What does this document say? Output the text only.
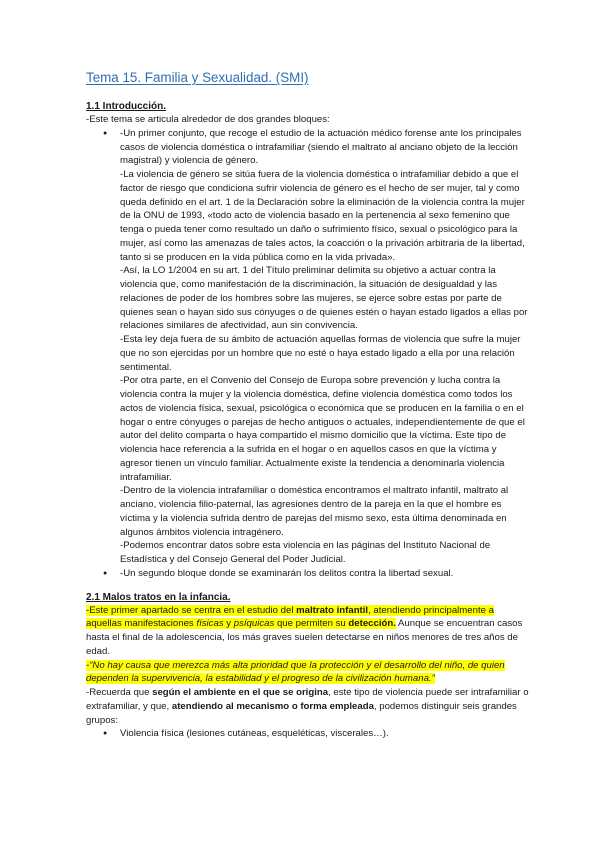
Tema 15. Familia y Sexualidad. (SMI)
1.1 Introducción.

-Este tema se articula alrededor de dos grandes bloques:

● -Un primer conjunto, que recoge el estudio de la actuación médico forense ante los principales casos de violencia doméstica o intrafamiliar (siendo el maltrato al anciano objeto de la lección magistral) y violencia de género.

-La violencia de género se sitúa fuera de la violencia doméstica o intrafamiliar debido a que el factor de riesgo que condiciona sufrir violencia de género es el hecho de ser mujer, tal y como queda definido en el art. 1 de la Declaración sobre la eliminación de la violencia contra la mujer de la ONU de 1993, «todo acto de violencia basado en la pertenencia al sexo femenino que tenga o pueda tener como resultado un daño o sufrimiento físico, sexual o psicológico para la mujer, así como las amenazas de tales actos, la coacción o la privación arbitraria de la libertad, tanto si se producen en la vida pública como en la vida privada».

-Así, la LO 1/2004 en su art. 1 del Título preliminar delimita su objetivo a actuar contra la violencia que, como manifestación de la discriminación, la situación de desigualdad y las relaciones de poder de los hombres sobre las mujeres, se ejerce sobre estas por parte de quienes sean o hayan sido sus cónyuges o de quienes estén o hayan estado ligados a ellas por relaciones similares de afectividad, aun sin convivencia.

-Esta ley deja fuera de su ámbito de actuación aquellas formas de violencia que sufre la mujer que no son ejercidas por un hombre que no esté o haya estado ligado a ella por una relación sentimental.

-Por otra parte, en el Convenio del Consejo de Europa sobre prevención y lucha contra la violencia contra la mujer y la violencia doméstica, define violencia doméstica como todos los actos de violencia física, sexual, psicológica o económica que se producen en la familia o en el hogar o entre cónyuges o parejas de hecho antiguos o actuales, independientemente de que el autor del delito comparta o haya compartido el mismo domicilio que la víctima. Este tipo de violencia hace referencia a la sufrida en el hogar o en aquellos casos en que la víctima y agresor tienen un vínculo familiar. Actualmente existe la tendencia a denominarla violencia intrafamiliar.

-Dentro de la violencia intrafamiliar o doméstica encontramos el maltrato infantil, maltrato al anciano, violencia filio-paternal, las agresiones dentro de la pareja en la que el hombre es víctima y la violencia sufrida dentro de parejas del mismo sexo, esta última denominada en algunos ámbitos violencia intragénero.

-Podemos encontrar datos sobre esta violencia en las páginas del Instituto Nacional de Estadística y del Consejo General del Poder Judicial.

● -Un segundo bloque donde se examinarán los delitos contra la libertad sexual.
2.1 Malos tratos en la infancia.

-Este primer apartado se centra en el estudio del maltrato infantil, atendiendo principalmente a aquellas manifestaciones físicas y psíquicas que permiten su detección. Aunque se encuentran casos hasta el final de la adolescencia, los más graves suelen detectarse en niños menores de tres años de edad.

-“No hay causa que merezca más alta prioridad que la protección y el desarrollo del niño, de quien dependen la supervivencia, la estabilidad y el progreso de la civilización humana.”

-Recuerda que según el ambiente en el que se origina, este tipo de violencia puede ser intrafamiliar o extrafamiliar, y que, atendiendo al mecanismo o forma empleada, podemos distinguir seis grandes grupos:

● Violencia física (lesiones cutáneas, esqueléticas, viscerales…).
